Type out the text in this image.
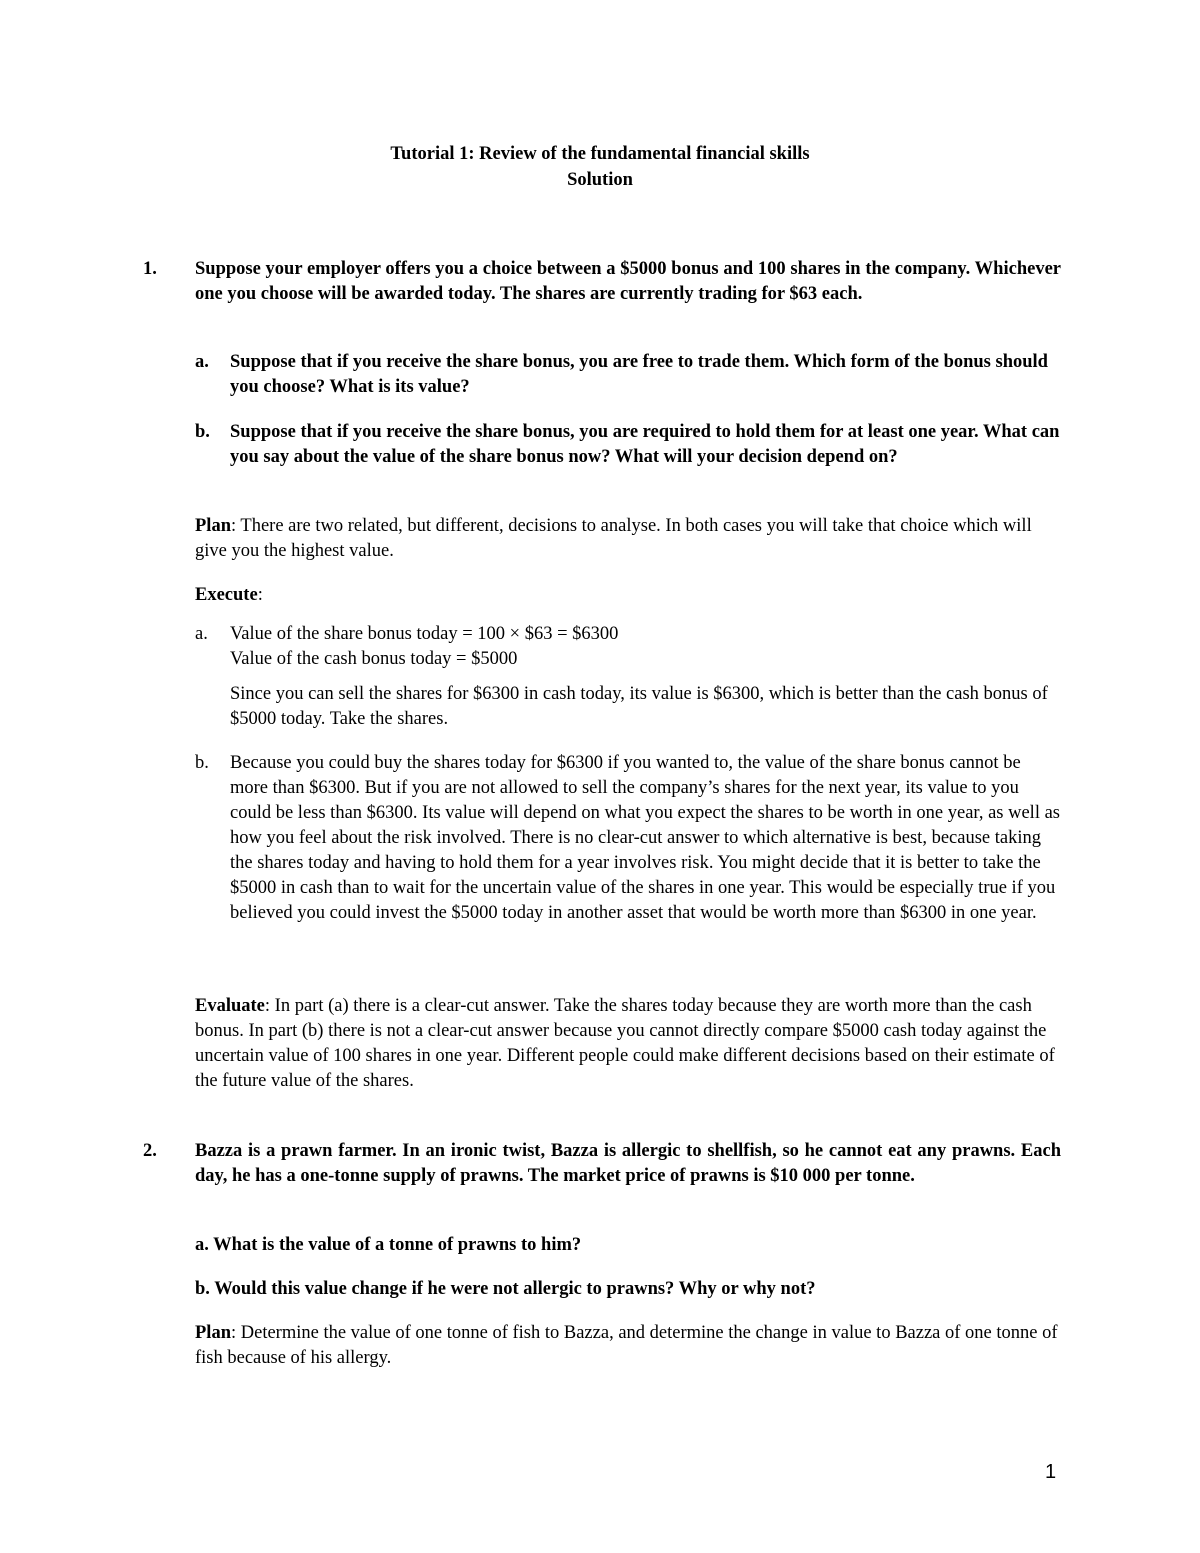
Tutorial 1: Review of the fundamental financial skills
Solution
1. Suppose your employer offers you a choice between a $5000 bonus and 100 shares in the company. Whichever one you choose will be awarded today. The shares are currently trading for $63 each.

a. Suppose that if you receive the share bonus, you are free to trade them. Which form of the bonus should you choose? What is its value?

b. Suppose that if you receive the share bonus, you are required to hold them for at least one year. What can you say about the value of the share bonus now? What will your decision depend on?

Plan: There are two related, but different, decisions to analyse. In both cases you will take that choice which will give you the highest value.

Execute:

a. Value of the share bonus today = 100 × $63 = $6300

Value of the cash bonus today = $5000

Since you can sell the shares for $6300 in cash today, its value is $6300, which is better than the cash bonus of $5000 today. Take the shares.

b. Because you could buy the shares today for $6300 if you wanted to, the value of the share bonus cannot be more than $6300. But if you are not allowed to sell the company’s shares for the next year, its value to you could be less than $6300. Its value will depend on what you expect the shares to be worth in one year, as well as how you feel about the risk involved. There is no clear-cut answer to which alternative is best, because taking the shares today and having to hold them for a year involves risk. You might decide that it is better to take the $5000 in cash than to wait for the uncertain value of the shares in one year. This would be especially true if you believed you could invest the $5000 today in another asset that would be worth more than $6300 in one year.

Evaluate: In part (a) there is a clear-cut answer. Take the shares today because they are worth more than the cash bonus. In part (b) there is not a clear-cut answer because you cannot directly compare $5000 cash today against the uncertain value of 100 shares in one year. Different people could make different decisions based on their estimate of the future value of the shares.

2. Bazza is a prawn farmer. In an ironic twist, Bazza is allergic to shellfish, so he cannot eat any prawns. Each day, he has a one-tonne supply of prawns. The market price of prawns is $10 000 per tonne.

a. What is the value of a tonne of prawns to him?

b. Would this value change if he were not allergic to prawns? Why or why not?

Plan: Determine the value of one tonne of fish to Bazza, and determine the change in value to Bazza of one tonne of fish because of his allergy.

1
